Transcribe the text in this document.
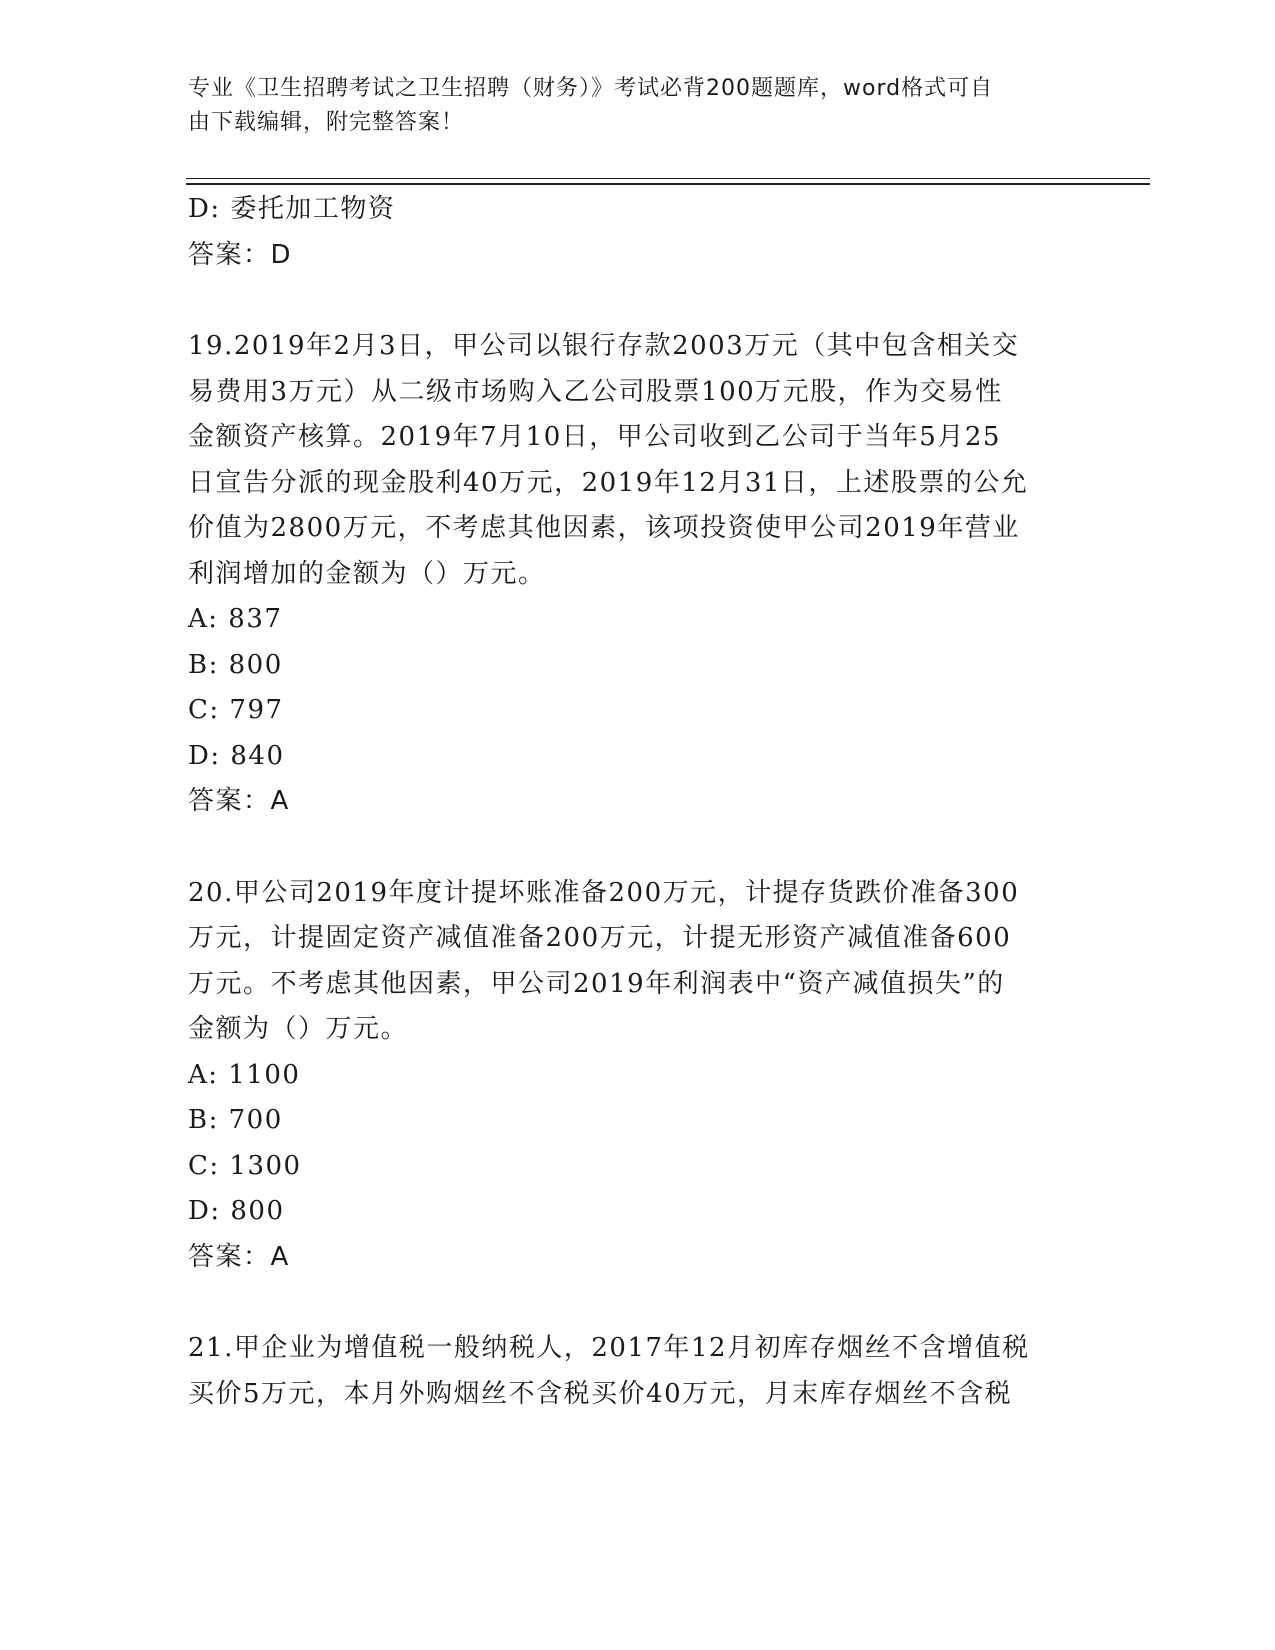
专业《卫生招聘考试之卫生招聘（财务）》考试必背200题题库，word格式可自
由下载编辑，附完整答案！
D: 委托加工物资
答案：D
19.2019年2月3日，甲公司以银行存款2003万元（其中包含相关交
易费用3万元）从二级市场购入乙公司股票100万元股，作为交易性
金额资产核算。2019年7月10日，甲公司收到乙公司于当年5月25
日宣告分派的现金股利40万元，2019年12月31日，上述股票的公允
价值为2800万元，不考虑其他因素，该项投资使甲公司2019年营业
利润增加的金额为（）万元。
A: 837
B: 800
C: 797
D: 840
答案：A
20.甲公司2019年度计提坏账准备200万元，计提存货跌价准备300
万元，计提固定资产减值准备200万元，计提无形资产减值准备600
万元。不考虑其他因素，甲公司2019年利润表中“资产减值损失”的
金额为（）万元。
A: 1100
B: 700
C: 1300
D: 800
答案：A
21.甲企业为增值税一般纳税人，2017年12月初库存烟丝不含增值税
买价5万元，本月外购烟丝不含税买价40万元，月末库存烟丝不含税
